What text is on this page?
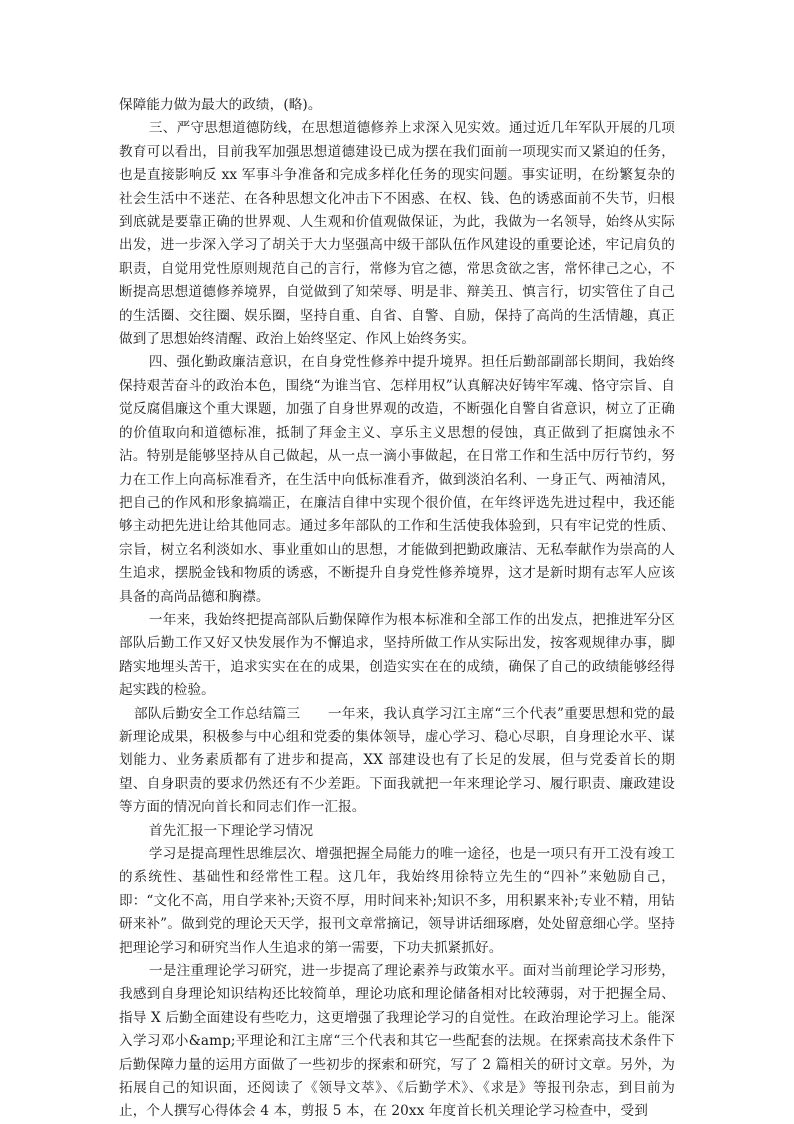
保障能力做为最大的政绩，(略)。

三、严守思想道德防线，在思想道德修养上求深入见实效。通过近几年军队开展的几项教育可以看出，目前我军加强思想道德建设已成为摆在我们面前一项现实而又紧迫的任务，也是直接影响反 xx 军事斗争准备和完成多样化任务的现实问题。事实证明，在纷繁复杂的社会生活中不迷茫、在各种思想文化冲击下不困惑、在权、钱、色的诱惑面前不失节，归根到底就是要靠正确的世界观、人生观和价值观做保证，为此，我做为一名领导，始终从实际出发，进一步深入学习了胡关于大力坚强高中级干部队伍作风建设的重要论述，牢记肩负的职责，自觉用党性原则规范自己的言行，常修为官之德，常思贪欲之害，常怀律己之心，不断提高思想道德修养境界，自觉做到了知荣辱、明是非、辩美丑、慎言行，切实管住了自己的生活圈、交往圈、娱乐圈，坚持自重、自省、自警、自励，保持了高尚的生活情趣，真正做到了思想始终清醒、政治上始终坚定、作风上始终务实。

四、强化勤政廉洁意识，在自身党性修养中提升境界。担任后勤部副部长期间，我始终保持艰苦奋斗的政治本色，围绕“为谁当官、怎样用权”认真解决好铸牢军魂、恪守宗旨、自觉反腐倡廉这个重大课题，加强了自身世界观的改造，不断强化自警自省意识，树立了正确的价值取向和道德标准，抵制了拜金主义、享乐主义思想的侵蚀，真正做到了拒腐蚀永不沾。特别是能够坚持从自己做起，从一点一滴小事做起，在日常工作和生活中厉行节约，努力在工作上向高标准看齐，在生活中向低标准看齐，做到淡泊名利、一身正气、两袖清风，把自己的作风和形象搞端正，在廉洁自律中实现个很价值，在年终评选先进过程中，我还能够主动把先进让给其他同志。通过多年部队的工作和生活使我体验到，只有牢记党的性质、宗旨，树立名利淡如水、事业重如山的思想，才能做到把勤政廉洁、无私奉献作为崇高的人生追求，摆脱金钱和物质的诱惑，不断提升自身党性修养境界，这才是新时期有志军人应该具备的高尚品德和胸襟。

一年来，我始终把提高部队后勤保障作为根本标准和全部工作的出发点，把推进军分区部队后勤工作又好又快发展作为不懈追求，坚持所做工作从实际出发，按客观规律办事，脚踏实地埋头苦干，追求实实在在的成果，创造实实在在的成绩，确保了自己的政绩能够经得起实践的检验。

部队后勤安全工作总结篇三　　一年来，我认真学习江主席“三个代表”重要思想和党的最新理论成果，积极参与中心组和党委的集体领导，虚心学习、稳心尽职，自身理论水平、谋划能力、业务素质都有了进步和提高，XX 部建设也有了长足的发展，但与党委首长的期望、自身职责的要求仍然还有不少差距。下面我就把一年来理论学习、履行职责、廉政建设等方面的情况向首长和同志们作一汇报。

首先汇报一下理论学习情况

学习是提高理性思维层次、增强把握全局能力的唯一途径，也是一项只有开工没有竣工的系统性、基础性和经常性工程。这几年，我始终用徐特立先生的“四补”来勉励自己，即：“文化不高，用自学来补;天资不厚，用时间来补;知识不多，用积累来补;专业不精，用钻研来补”。做到党的理论天天学，报刊文章常摘记，领导讲话细琢磨，处处留意细心学。坚持把理论学习和研究当作人生追求的第一需要，下功夫抓紧抓好。

一是注重理论学习研究，进一步提高了理论素养与政策水平。面对当前理论学习形势，我感到自身理论知识结构还比较简单，理论功底和理论储备相对比较薄弱，对于把握全局、指导 X 后勤全面建设有些吃力，这更增强了我理论学习的自觉性。在政治理论学习上。能深入学习邓小&amp;平理论和江主席“三个代表和其它一些配套的法规。在探索高技术条件下后勤保障力量的运用方面做了一些初步的探索和研究，写了 2 篇相关的研讨文章。另外，为拓展自己的知识面，还阅读了《领导文萃》、《后勤学术》、《求是》等报刊杂志，到目前为止，个人撰写心得体会 4 本，剪报 5 本，在 20xx 年度首长机关理论学习检查中，受到
